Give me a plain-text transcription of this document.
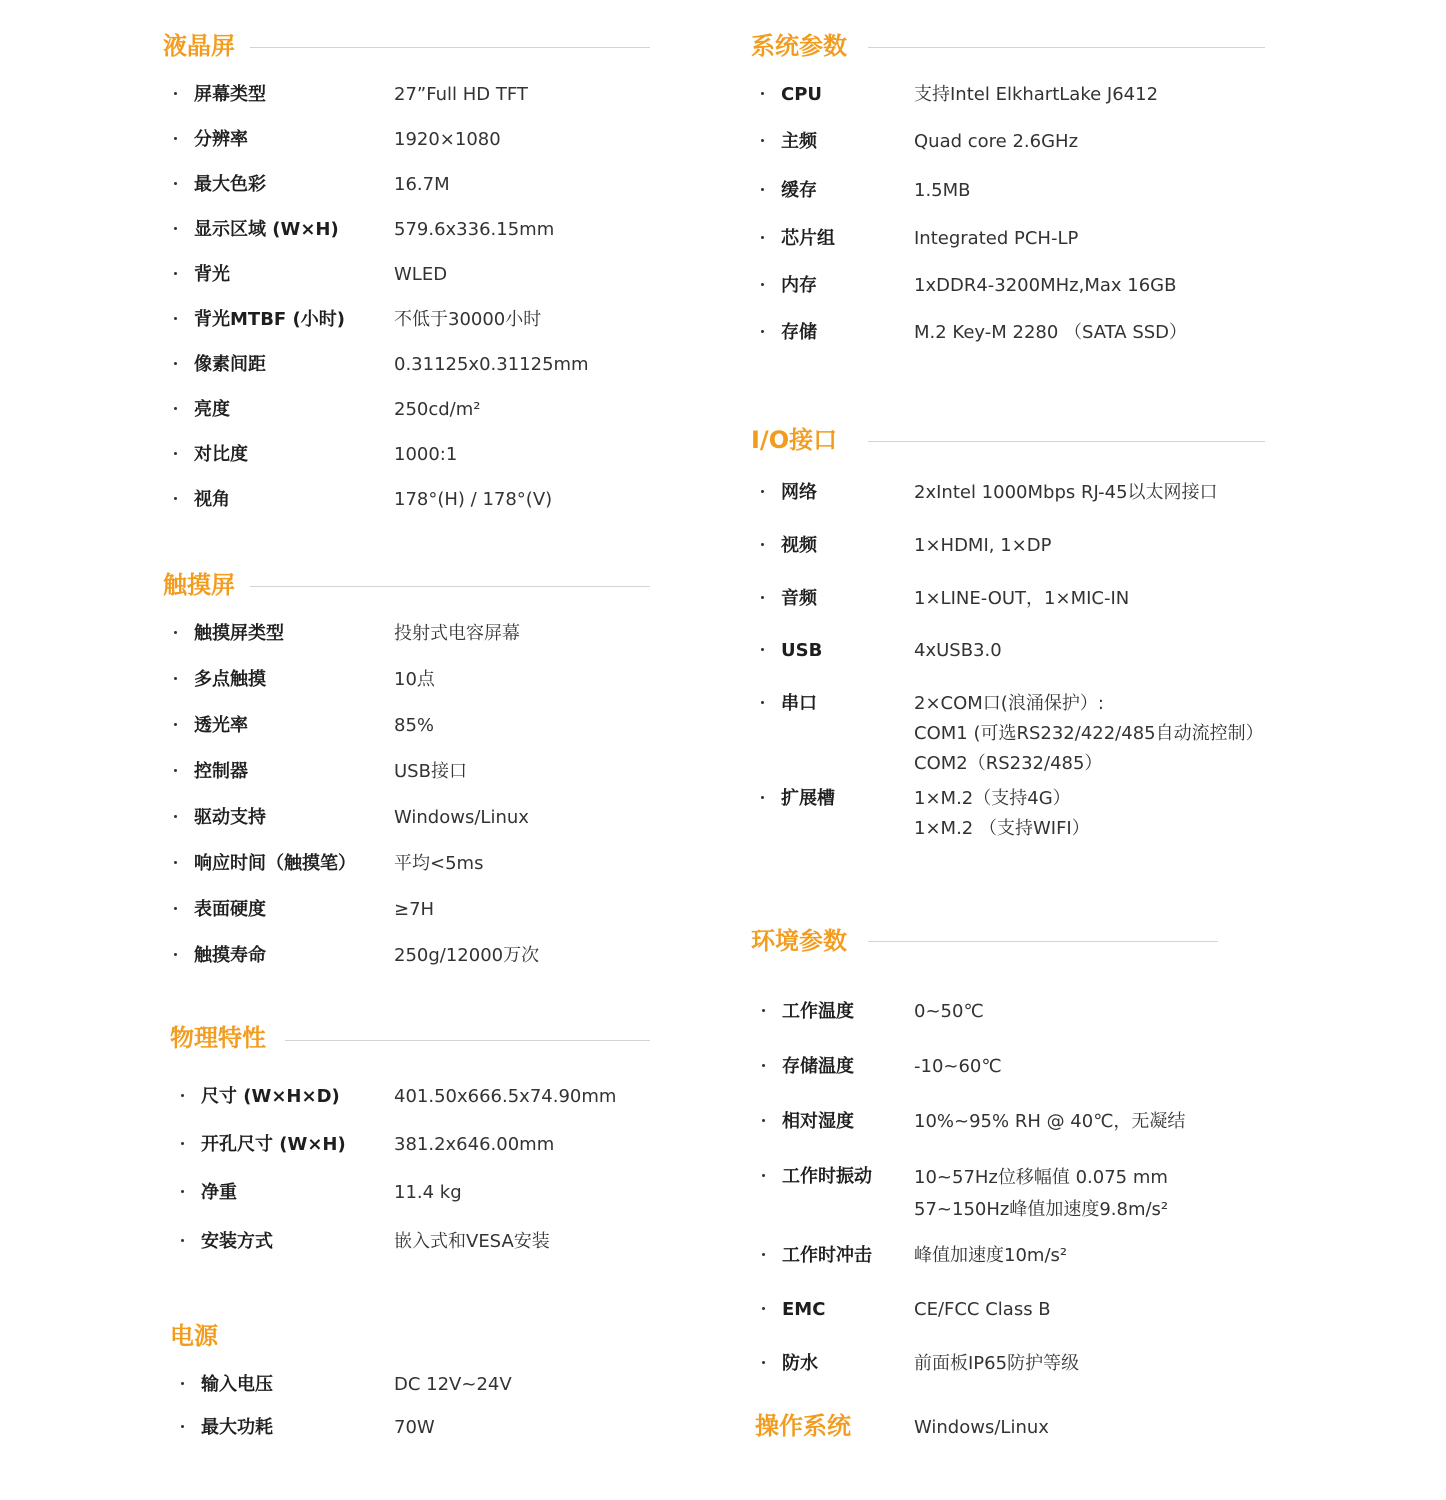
液晶屏
屏幕类型	27”Full HD TFT
分辨率	1920×1080
最大色彩	16.7M
显示区域 (W×H)	579.6x336.15mm
背光	WLED
背光MTBF (小时)	不低于30000小时
像素间距	0.31125x0.31125mm
亮度	250cd/m²
对比度	1000:1
视角	178°(H) / 178°(V)
触摸屏
触摸屏类型	投射式电容屏幕
多点触摸	10点
透光率	85%
控制器	USB接口
驱动支持	Windows/Linux
响应时间（触摸笔） 平均<5ms
表面硬度	≥7H
触摸寿命	250g/12000万次
物理特性
尺寸 (W×H×D)	401.50x666.5x74.90mm
开孔尺寸 (W×H)	381.2x646.00mm
净重	11.4 kg
安装方式	嵌入式和VESA安装
电源
输入电压	DC 12V~24V
最大功耗	70W
系统参数
CPU	支持Intel ElkhartLake J6412
主频	Quad core 2.6GHz
缓存	1.5MB
芯片组	Integrated PCH-LP
内存	1xDDR4-3200MHz,Max 16GB
存储	M.2 Key-M 2280 （SATA SSD）
I/O接口
网络	2xIntel 1000Mbps RJ-45以太网接口
视频	1×HDMI, 1×DP
音频	1×LINE-OUT，1×MIC-IN
USB	4xUSB3.0
串口	2×COM口(浪涌保护）:
COM1 (可选RS232/422/485自动流控制）
COM2（RS232/485）
扩展槽	1×M.2（支持4G）
1×M.2 （支持WIFI）
环境参数
工作温度	0~50℃
存储温度	-10~60℃
相对湿度	10%~95% RH @ 40℃，无凝结
工作时振动 10~57Hz位移幅值 0.075 mm
57~150Hz峰值加速度9.8m/s²
工作时冲击 峰值加速度10m/s²
EMC	CE/FCC Class B
防水	前面板IP65防护等级
操作系统	Windows/Linux
